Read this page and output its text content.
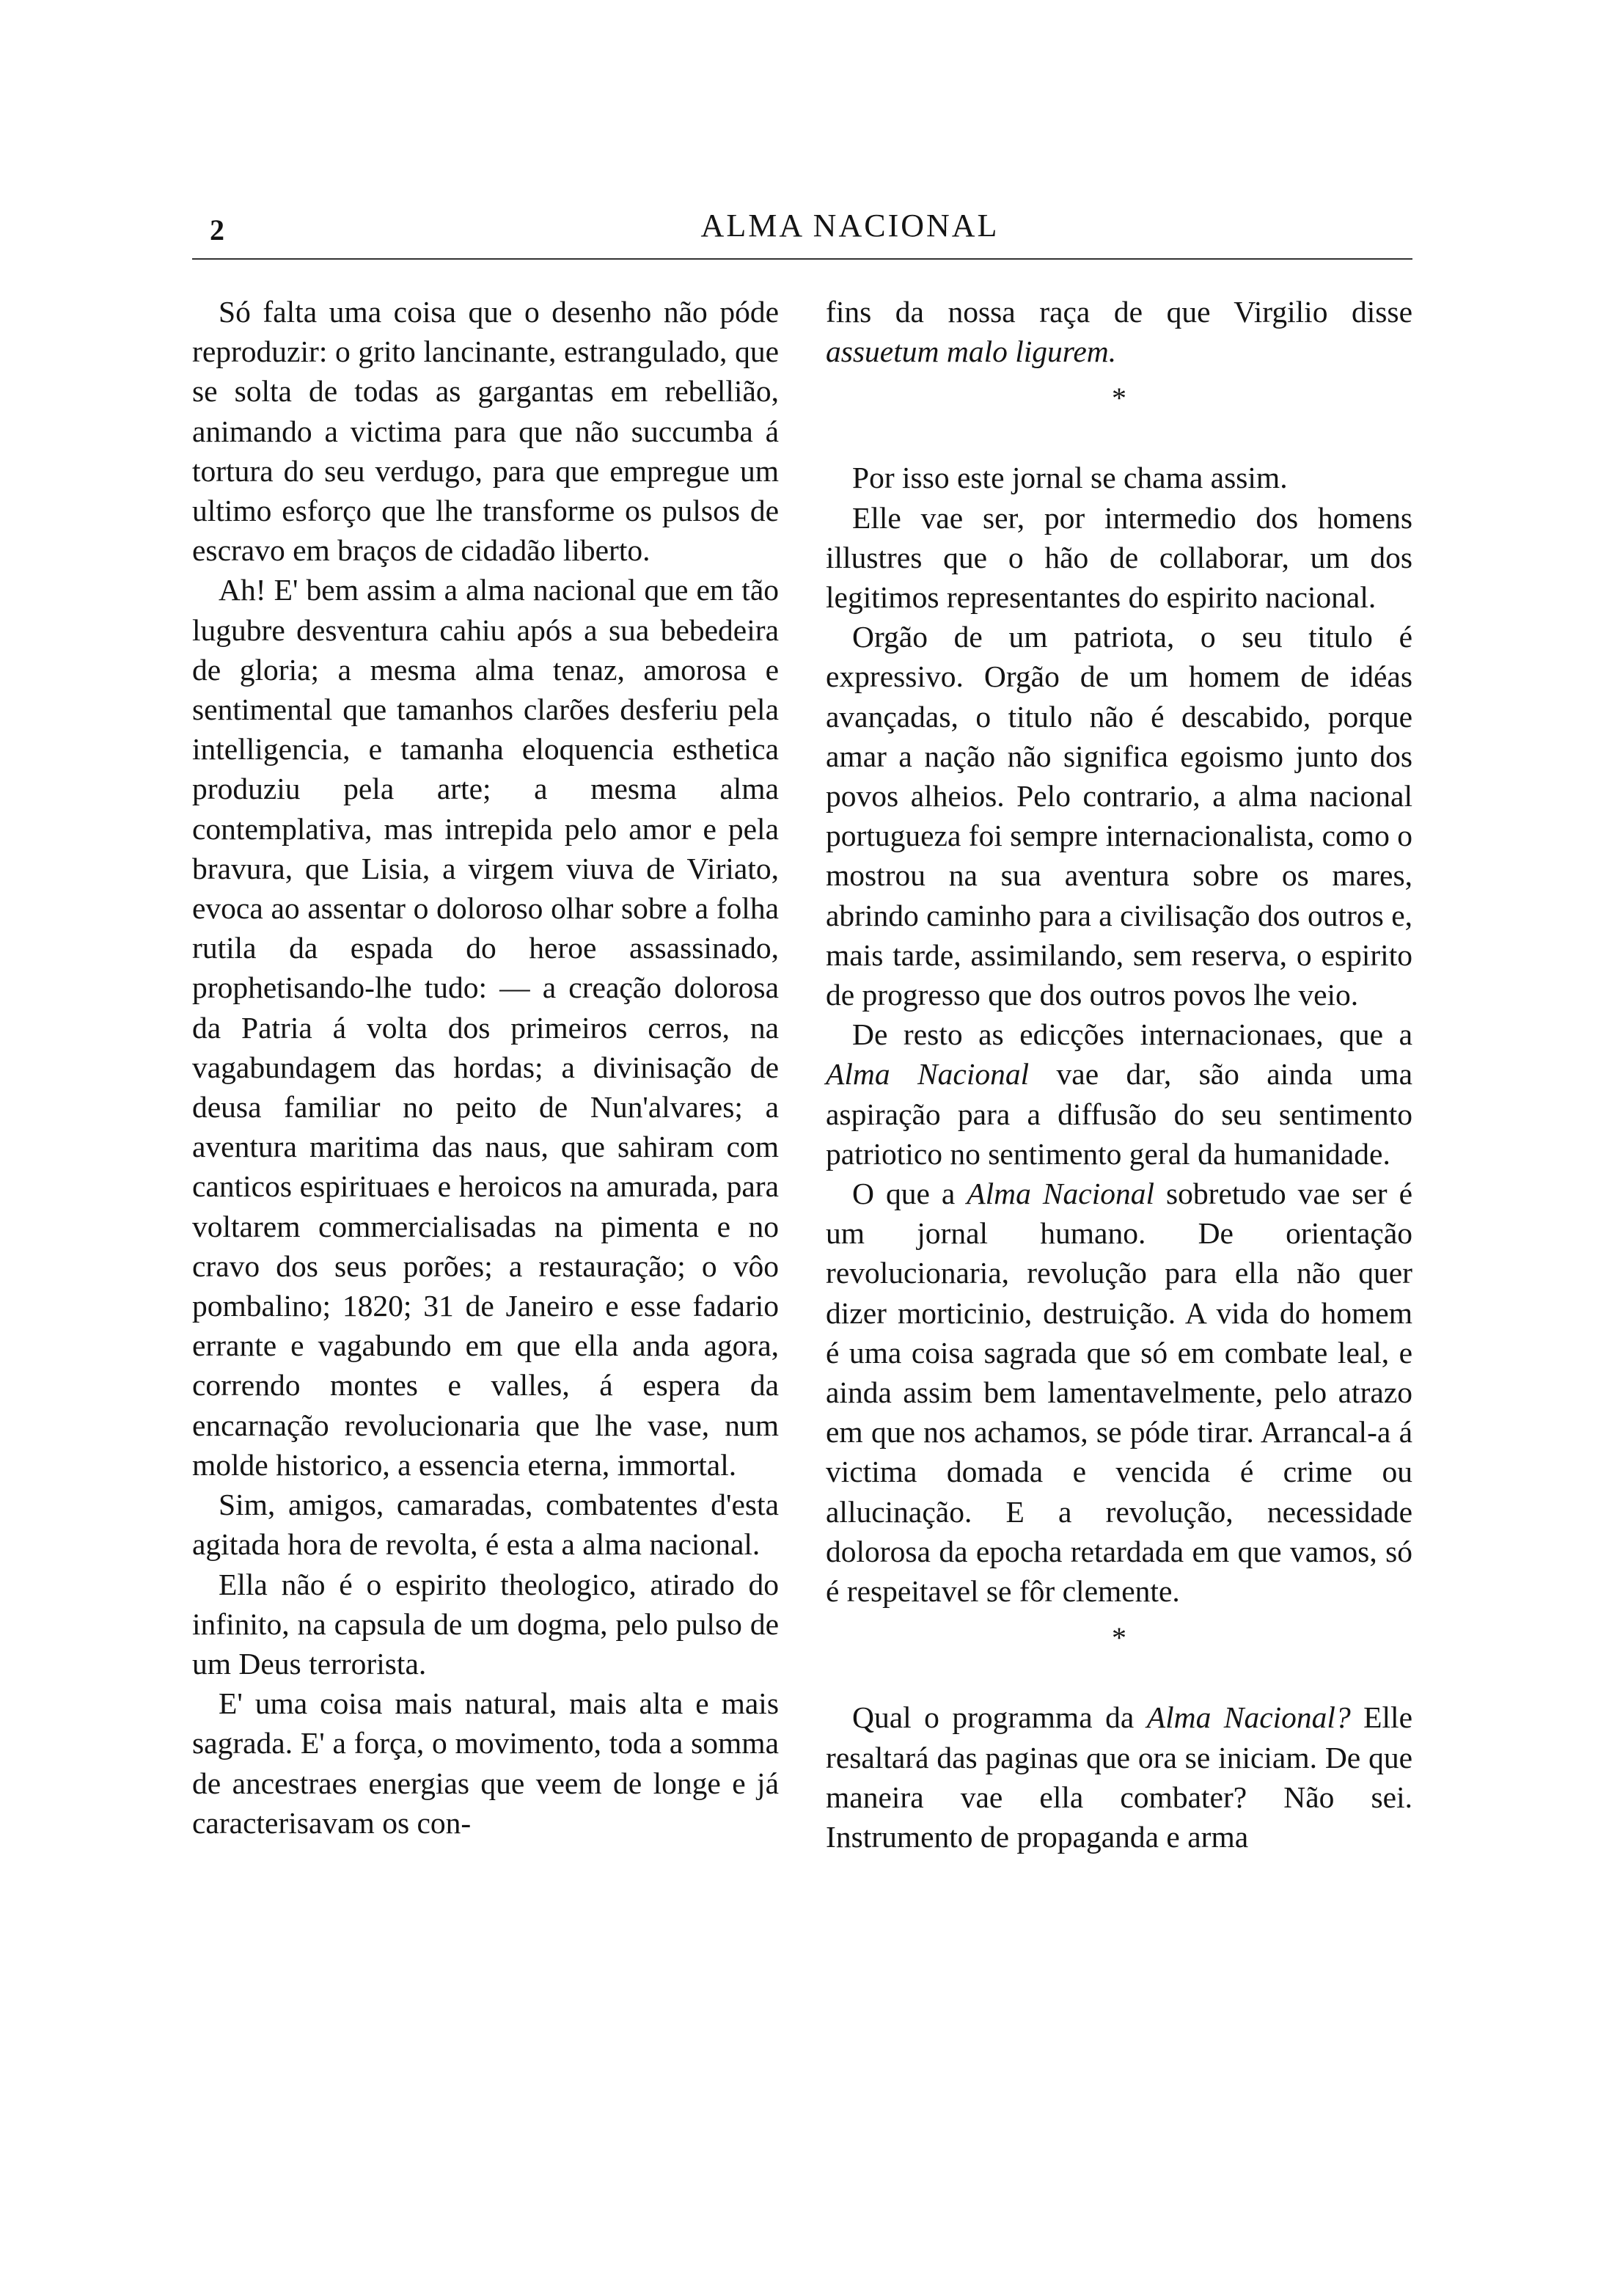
2	ALMA NACIONAL

Só falta uma coisa que o desenho não póde reproduzir: o grito lancinante, estrangulado, que se solta de todas as gargantas em rebellião, animando a victima para que não succumba á tortura do seu verdugo, para que empregue um ultimo esforço que lhe transforme os pulsos de escravo em braços de cidadão liberto.

Ah! E' bem assim a alma nacional que em tão lugubre desventura cahiu após a sua bebedeira de gloria; a mesma alma tenaz, amorosa e sentimental que tamanhos clarões desferiu pela intelligencia, e tamanha eloquencia esthetica produziu pela arte; a mesma alma contemplativa, mas intrepida pelo amor e pela bravura, que Lisia, a virgem viuva de Viriato, evoca ao assentar o doloroso olhar sobre a folha rutila da espada do heroe assassinado, prophetisando-lhe tudo: — a creação dolorosa da Patria á volta dos primeiros cerros, na vagabundagem das hordas; a divinisação de deusa familiar no peito de Nun'alvares; a aventura maritima das naus, que sahiram com canticos espirituaes e heroicos na amurada, para voltarem commercialisadas na pimenta e no cravo dos seus porões; a restauração; o vôo pombalino; 1820; 31 de Janeiro e esse fadario errante e vagabundo em que ella anda agora, correndo montes e valles, á espera da encarnação revolucionaria que lhe vase, num molde historico, a essencia eterna, immortal.

Sim, amigos, camaradas, combatentes d'esta agitada hora de revolta, é esta a alma nacional.

Ella não é o espirito theologico, atirado do infinito, na capsula de um dogma, pelo pulso de um Deus terrorista.

E' uma coisa mais natural, mais alta e mais sagrada. E' a força, o movimento, toda a somma de ancestraes energias que veem de longe e já caracterisavam os con-

fins da nossa raça de que Virgilio disse assuetum malo ligurem.

*

Por isso este jornal se chama assim.

Elle vae ser, por intermedio dos homens illustres que o hão de collaborar, um dos legitimos representantes do espirito nacional.

Orgão de um patriota, o seu titulo é expressivo. Orgão de um homem de idéas avançadas, o titulo não é descabido, porque amar a nação não significa egoismo junto dos povos alheios. Pelo contrario, a alma nacional portugueza foi sempre internacionalista, como o mostrou na sua aventura sobre os mares, abrindo caminho para a civilisação dos outros e, mais tarde, assimilando, sem reserva, o espirito de progresso que dos outros povos lhe veio.

De resto as edicções internacionaes, que a Alma Nacional vae dar, são ainda uma aspiração para a diffusão do seu sentimento patriotico no sentimento geral da humanidade.

O que a Alma Nacional sobretudo vae ser é um jornal humano. De orientação revolucionaria, revolução para ella não quer dizer morticinio, destruição. A vida do homem é uma coisa sagrada que só em combate leal, e ainda assim bem lamentavelmente, pelo atrazo em que nos achamos, se póde tirar. Arrancal-a á victima domada e vencida é crime ou allucinação. E a revolução, necessidade dolorosa da epocha retardada em que vamos, só é respeitavel se fôr clemente.

*

Qual o programma da Alma Nacional? Elle resaltará das paginas que ora se iniciam. De que maneira vae ella combater? Não sei. Instrumento de propaganda e arma
